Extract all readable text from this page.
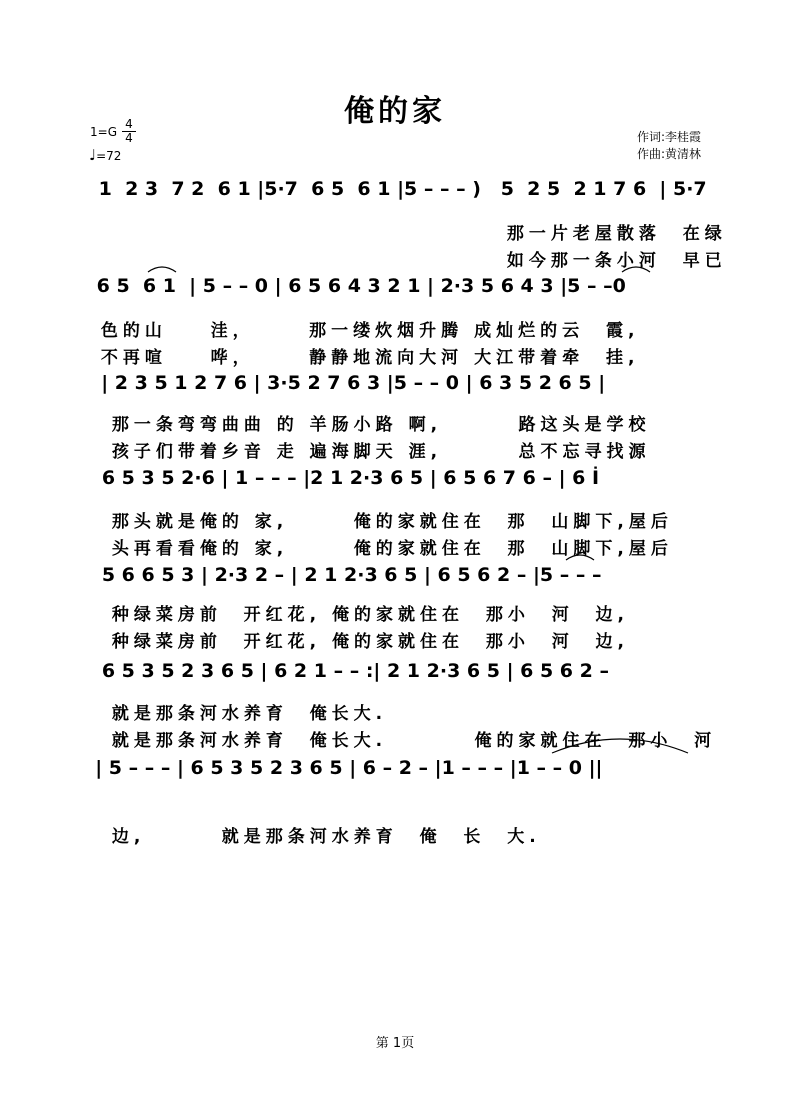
俺的家
$1=G \frac{4}{4}$
♩=72
作词:李桂霞
作曲:黄清林
1  2 3  7 2  6 1 |5·7  6 5  6 1 |5 – – – )   5  2 5  2 1 7 6  | 5·7
那一片老屋散落  在绿
如今那一条小河  早已
6 5  6 1  | 5 – – 0 | 6 5 6 4 3 2 1 | 2·3 5 6 4 3 |5 – –0
色的山    洼，     那一缕炊烟升腾 成灿烂的云  霞,
不再喧    哗，     静静地流向大河 大江带着牵  挂,
| 2 3 5 1 2 7 6 | 3·5 2 7 6 3 |5 – – 0 | 6 3 5 2 6 5 |
那一条弯弯曲曲 的 羊肠小路 啊,       路这头是学校
孩子们带着乡音 走 遍海脚天 涯,       总不忘寻找源
6 5 3 5 2·6 | 1 – – – |2 1 2·3 6 5 | 6 5 6 7 6 – | 6 İ
那头就是俺的 家,      俺的家就住在  那  山脚下,屋后
头再看看俺的 家,      俺的家就住在  那  山脚下,屋后
5 6 6 5 3 | 2·3 2 – | 2 1 2·3 6 5 | 6 5 6 2 – |5 – – –
种绿菜房前  开红花, 俺的家就住在  那小  河  边,
种绿菜房前  开红花, 俺的家就住在  那小  河  边,
6 5 3 5 2 3 6 5 | 6 2 1 – – :| 2 1 2·3 6 5 | 6 5 6 2 –
就是那条河水养育  俺长大.
就是那条河水养育  俺长大.        俺的家就住在  那小  河
| 5 – – – | 6 5 3 5 2 3 6 5 | 6 – 2 – |1 – – – |1 – – 0 ||
边,       就是那条河水养育  俺  长  大.
第 1页
